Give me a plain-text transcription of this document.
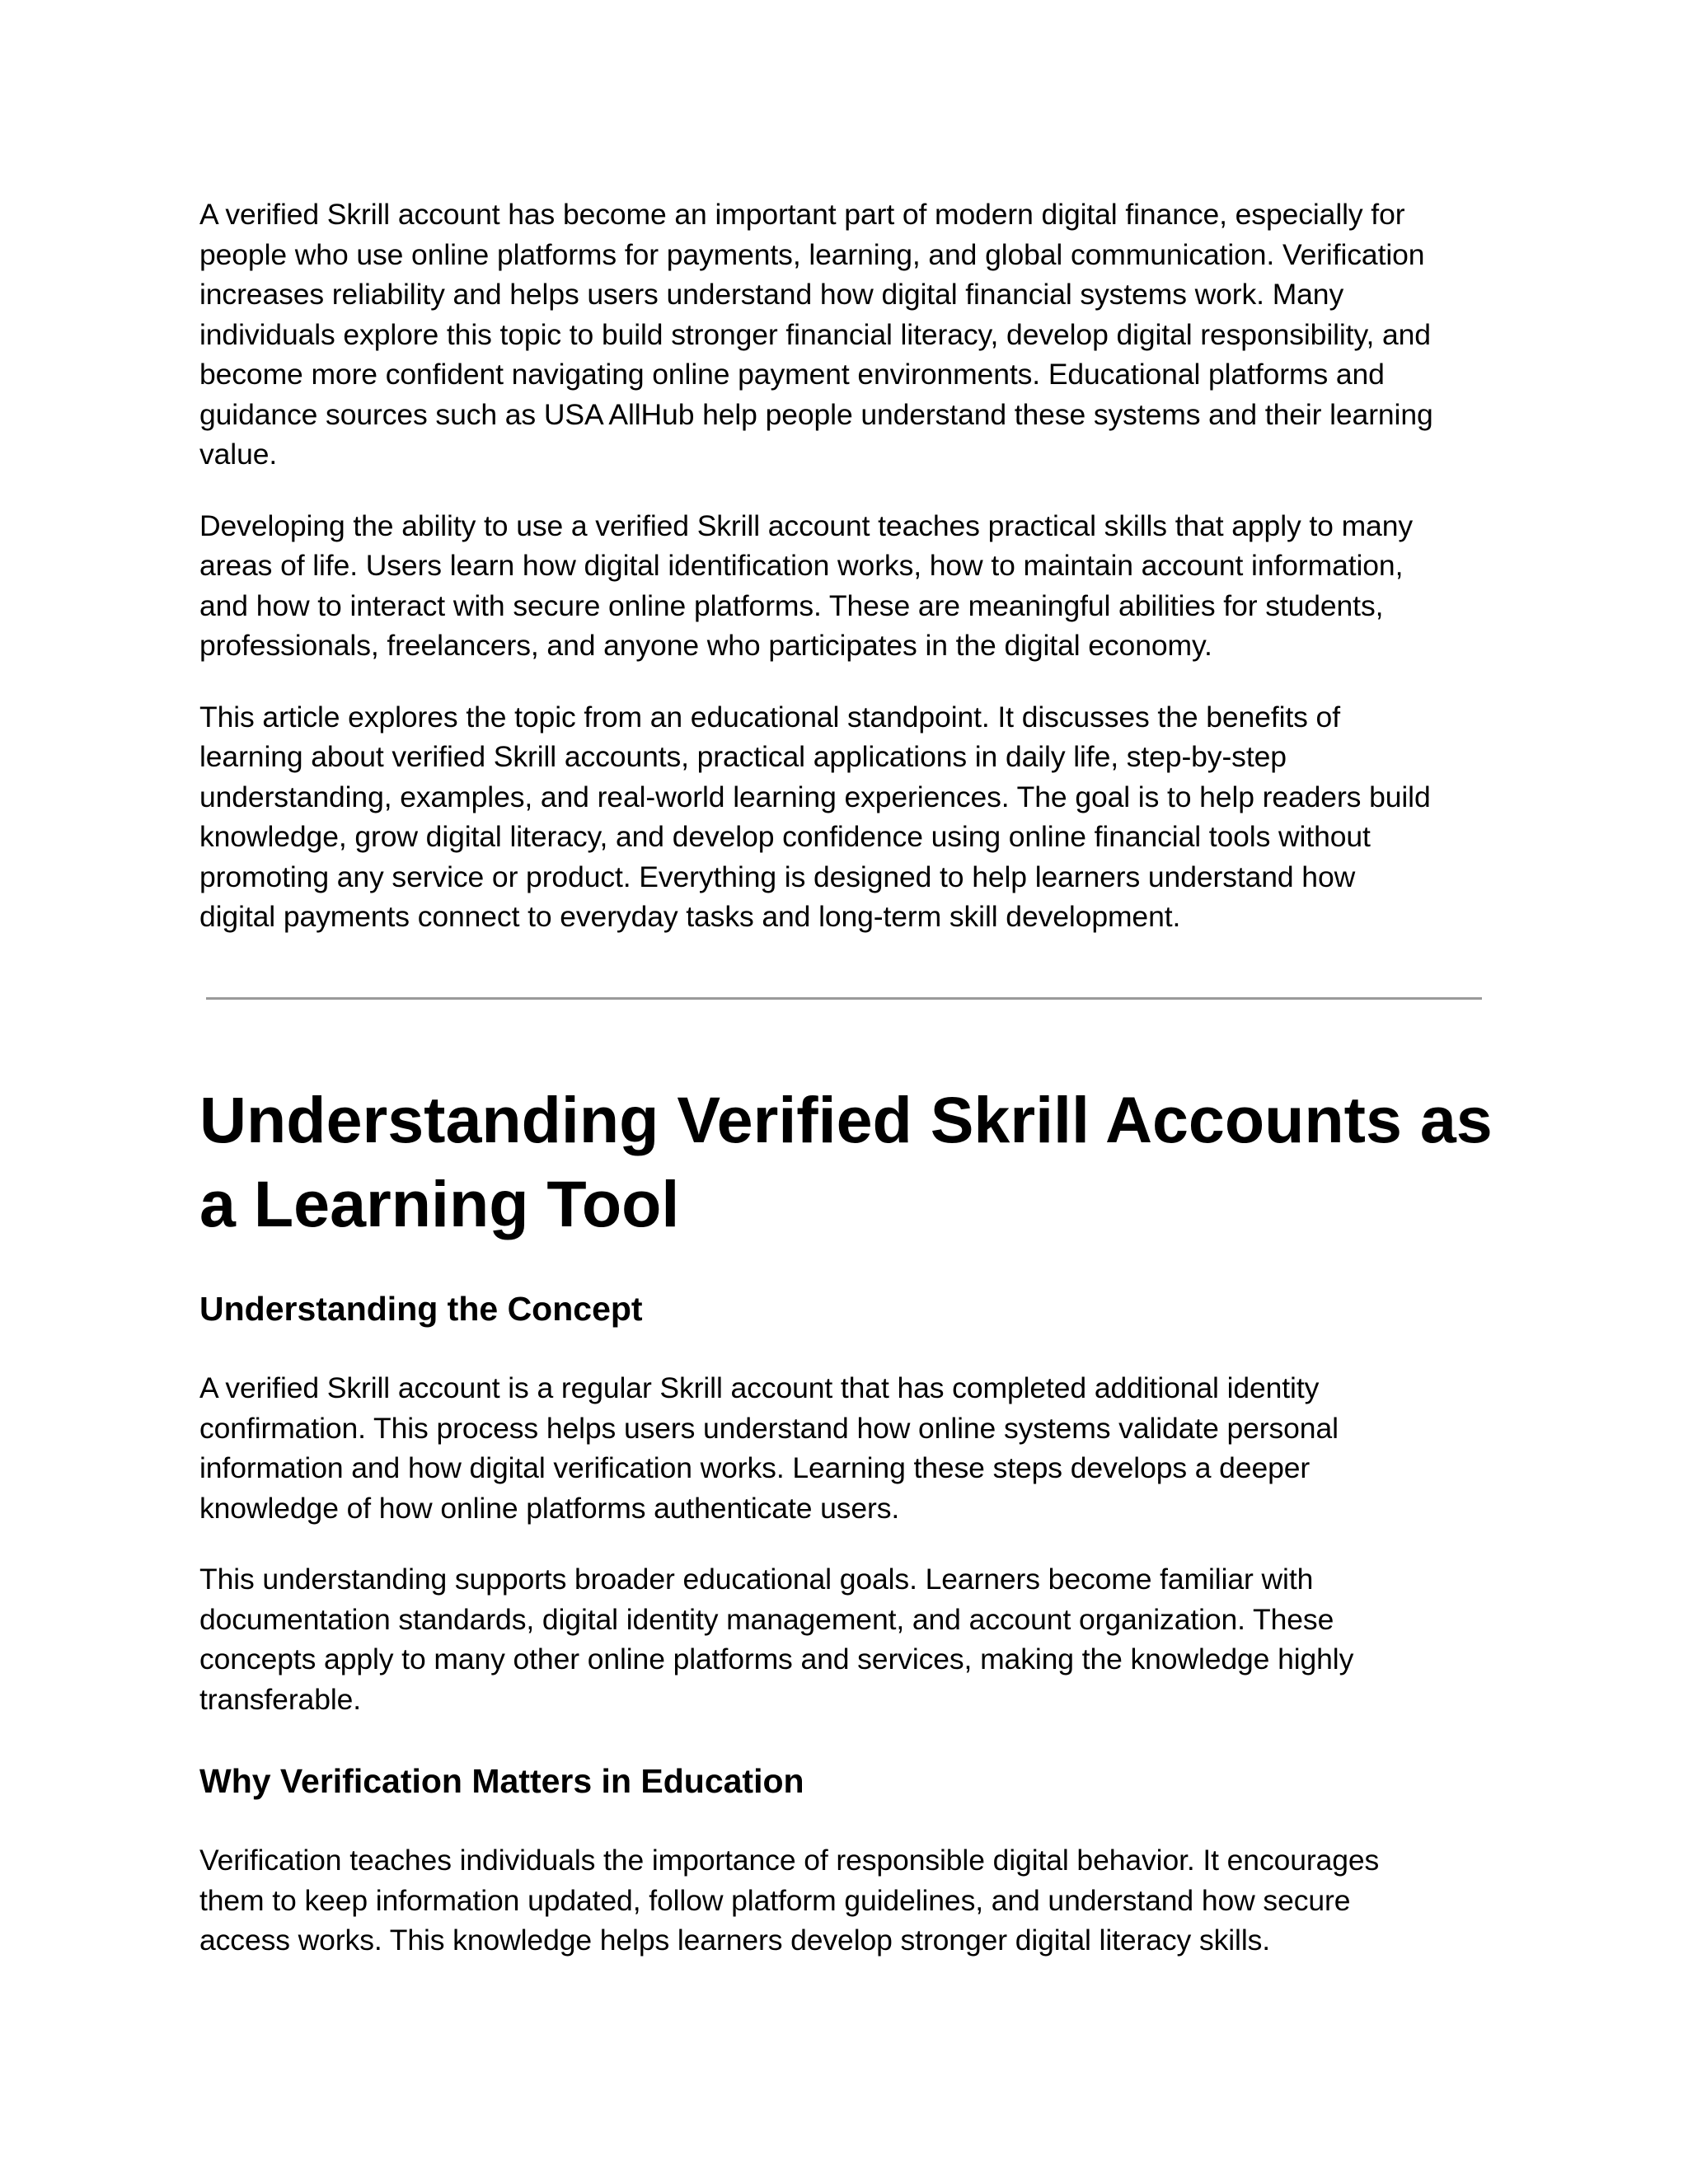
A verified Skrill account has become an important part of modern digital finance, especially for
people who use online platforms for payments, learning, and global communication. Verification
increases reliability and helps users understand how digital financial systems work. Many
individuals explore this topic to build stronger financial literacy, develop digital responsibility, and
become more confident navigating online payment environments. Educational platforms and
guidance sources such as USA AllHub help people understand these systems and their learning
value.

Developing the ability to use a verified Skrill account teaches practical skills that apply to many
areas of life. Users learn how digital identification works, how to maintain account information,
and how to interact with secure online platforms. These are meaningful abilities for students,
professionals, freelancers, and anyone who participates in the digital economy.

This article explores the topic from an educational standpoint. It discusses the benefits of
learning about verified Skrill accounts, practical applications in daily life, step-by-step
understanding, examples, and real-world learning experiences. The goal is to help readers build
knowledge, grow digital literacy, and develop confidence using online financial tools without
promoting any service or product. Everything is designed to help learners understand how
digital payments connect to everyday tasks and long-term skill development.

Understanding Verified Skrill Accounts as
a Learning Tool
Understanding the Concept

A verified Skrill account is a regular Skrill account that has completed additional identity
confirmation. This process helps users understand how online systems validate personal
information and how digital verification works. Learning these steps develops a deeper
knowledge of how online platforms authenticate users.

This understanding supports broader educational goals. Learners become familiar with
documentation standards, digital identity management, and account organization. These
concepts apply to many other online platforms and services, making the knowledge highly
transferable.

Why Verification Matters in Education

Verification teaches individuals the importance of responsible digital behavior. It encourages
them to keep information updated, follow platform guidelines, and understand how secure
access works. This knowledge helps learners develop stronger digital literacy skills.
